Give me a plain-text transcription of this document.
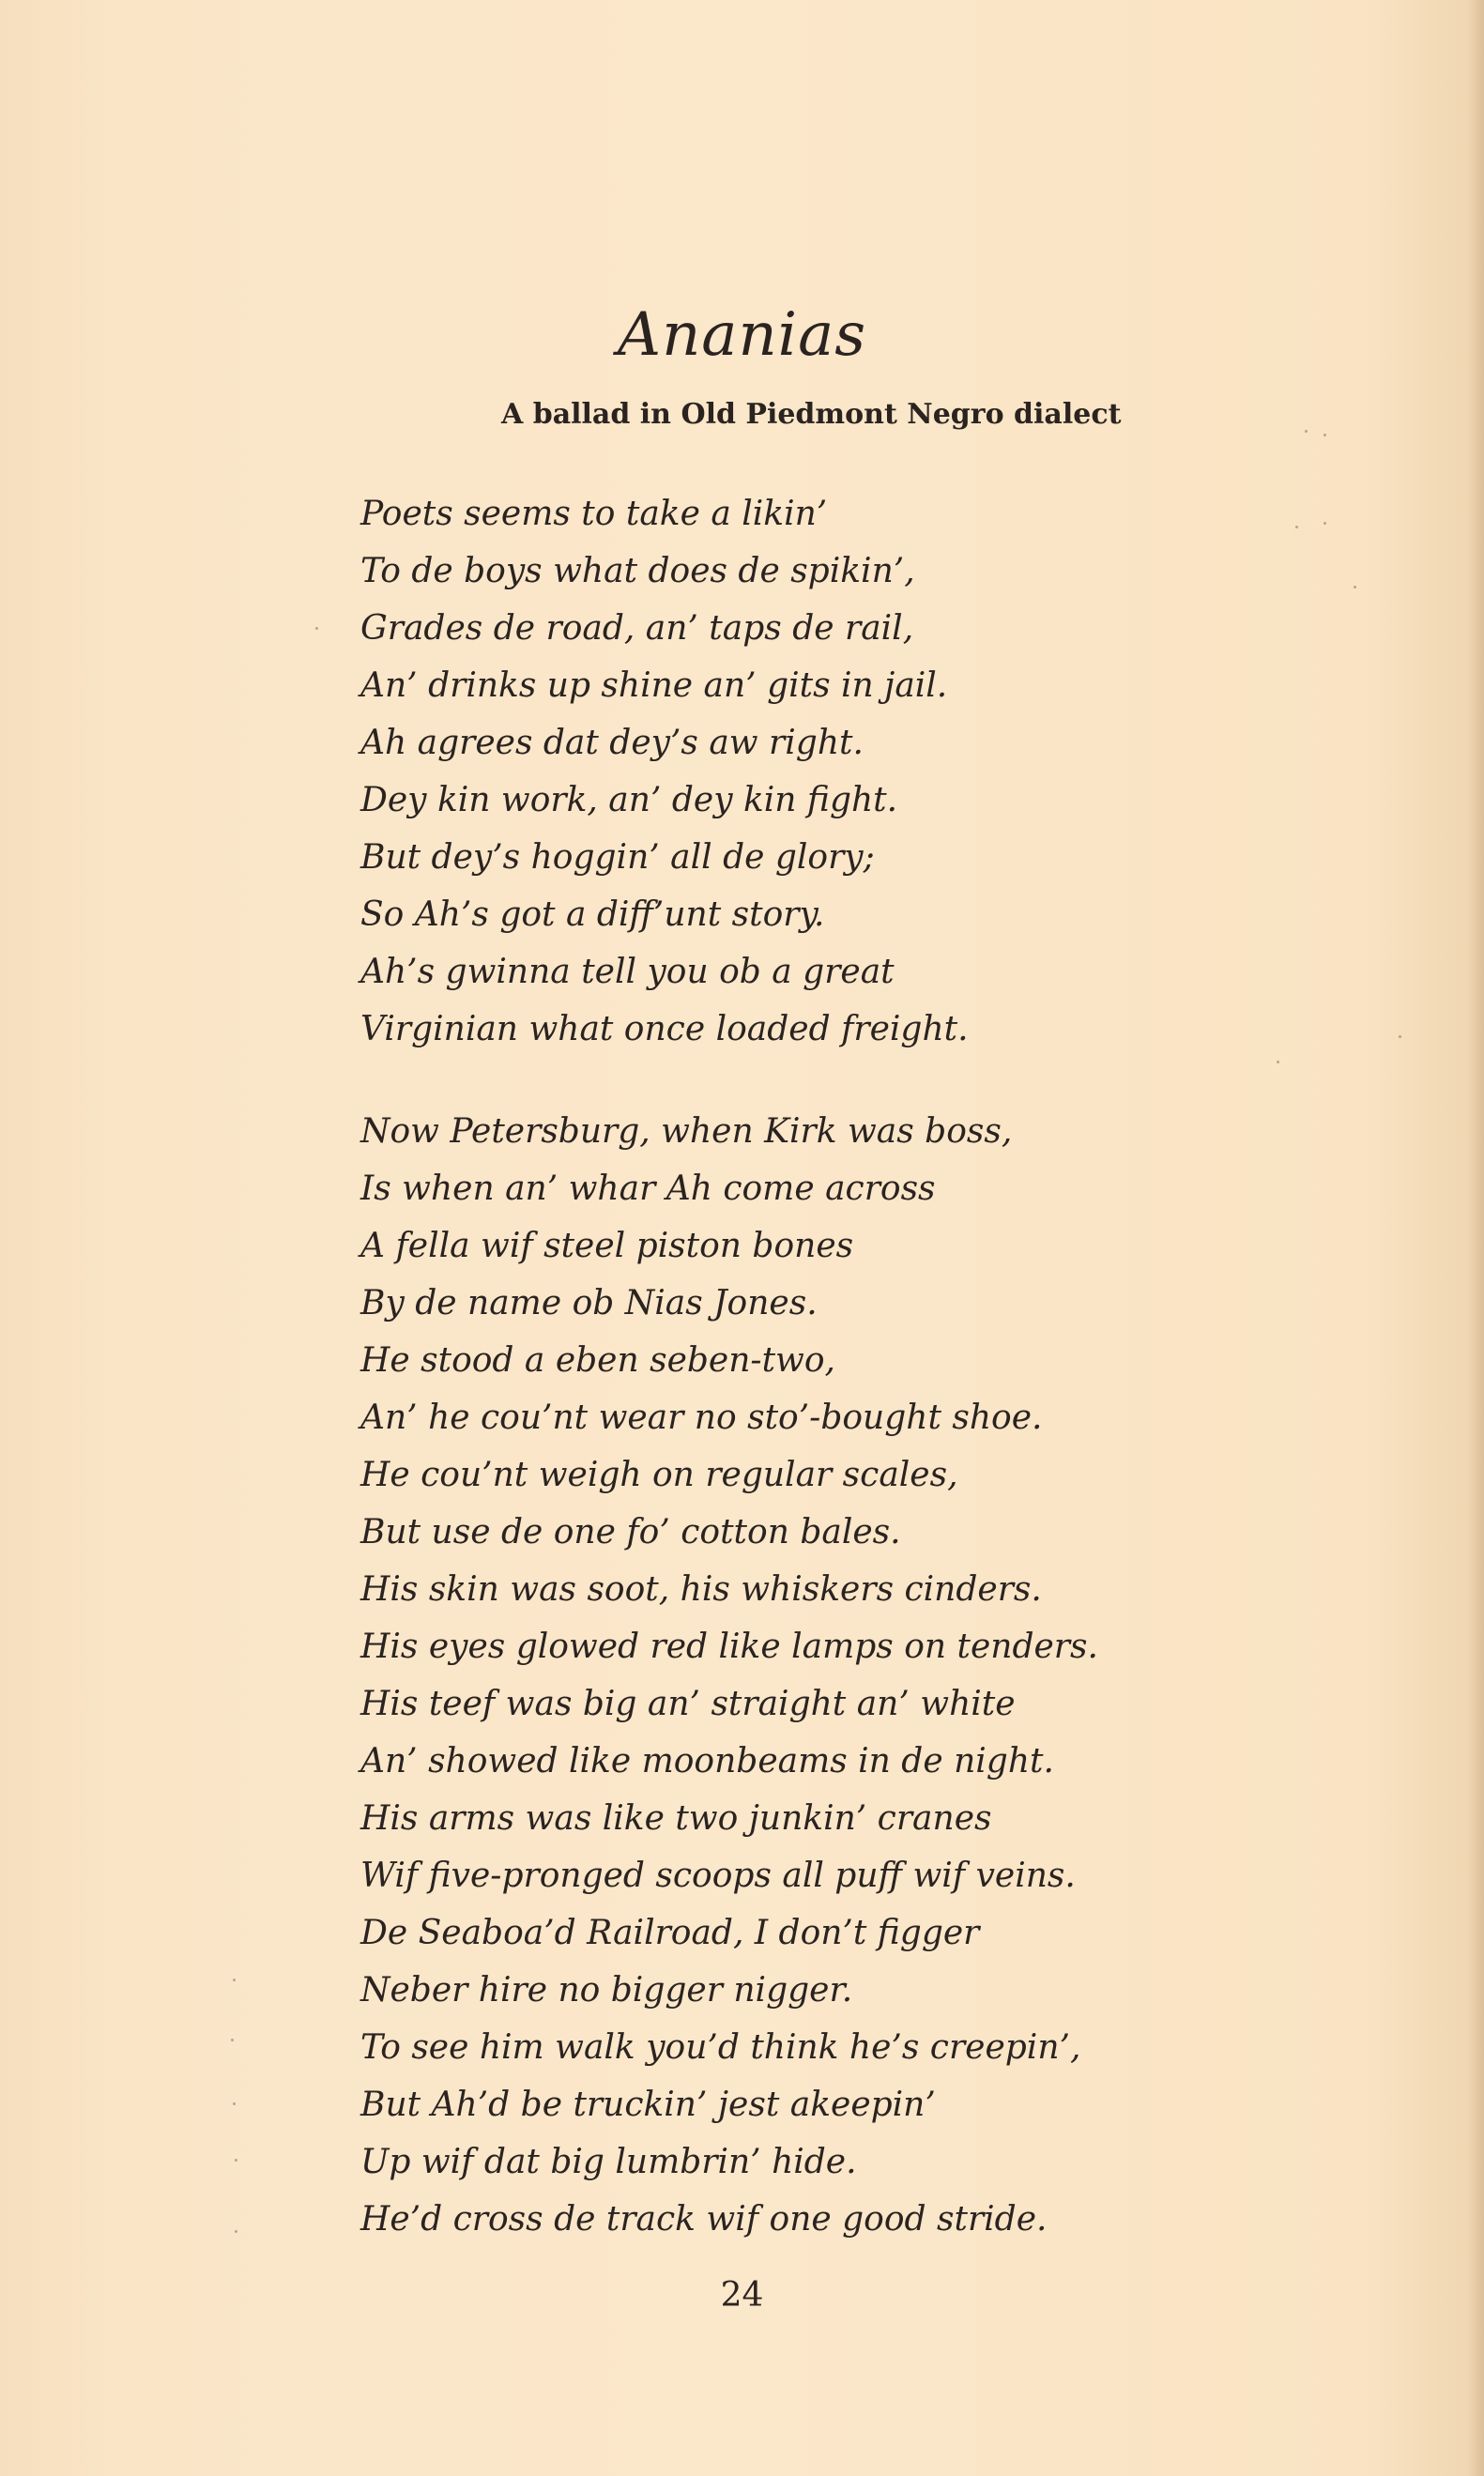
Ananias
A ballad in Old Piedmont Negro dialect
Poets seems to take a likin’
To de boys what does de spikin’,
Grades de road, an’ taps de rail,
An’ drinks up shine an’ gits in jail.
Ah agrees dat dey’s aw right.
Dey kin work, an’ dey kin fight.
But dey’s hoggin’ all de glory;
So Ah’s got a diff’unt story.
Ah’s gwinna tell you ob a great
Virginian what once loaded freight.
Now Petersburg, when Kirk was boss,
Is when an’ whar Ah come across
A fella wif steel piston bones
By de name ob Nias Jones.
He stood a eben seben-two,
An’ he cou’nt wear no sto’-bought shoe.
He cou’nt weigh on regular scales,
But use de one fo’ cotton bales.
His skin was soot, his whiskers cinders.
His eyes glowed red like lamps on tenders.
His teef was big an’ straight an’ white
An’ showed like moonbeams in de night.
His arms was like two junkin’ cranes
Wif five-pronged scoops all puff wif veins.
De Seaboa’d Railroad, I don’t figger
Neber hire no bigger nigger.
To see him walk you’d think he’s creepin’,
But Ah’d be truckin’ jest akeepin’
Up wif dat big lumbrin’ hide.
He’d cross de track wif one good stride.
24
